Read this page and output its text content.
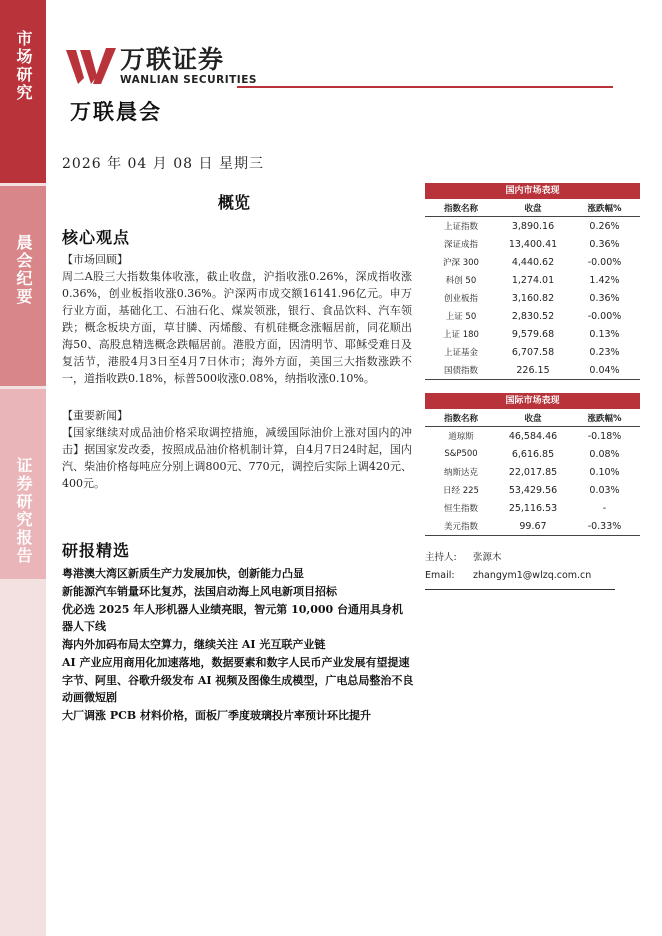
市场研究
晨会纪要
证券研究报告
万联证券
WANLIAN SECURITIES
万联晨会
2026 年 04 月 08 日 星期三
概览
核心观点
【市场回顾】
周二A股三大指数集体收涨，截止收盘，沪指收涨0.26%，深成指收涨0.36%，创业板指收涨0.36%。沪深两市成交额16141.96亿元。申万行业方面，基础化工、石油石化、煤炭领涨，银行、食品饮料、汽车领跌；概念板块方面，草甘膦、丙烯酸、有机硅概念涨幅居前，同花顺出海50、高股息精选概念跌幅居前。港股方面，因清明节、耶稣受难日及复活节，港股4月3日至4月7日休市；海外方面，美国三大指数涨跌不一，道指收跌0.18%，标普500收涨0.08%，纳指收涨0.10%。
【重要新闻】
【国家继续对成品油价格采取调控措施，减缓国际油价上涨对国内的冲击】据国家发改委，按照成品油价格机制计算，自4月7日24时起，国内汽、柴油价格每吨应分别上调800元、770元，调控后实际上调420元、400元。
研报精选
粤港澳大湾区新质生产力发展加快，创新能力凸显
新能源汽车销量环比复苏，法国启动海上风电新项目招标
优必选 2025 年人形机器人业绩亮眼，智元第 10,000 台通用具身机器人下线
海内外加码布局太空算力，继续关注 AI 光互联产业链
AI 产业应用商用化加速落地，数据要素和数字人民币产业发展有望提速
字节、阿里、谷歌升级发布 AI 视频及图像生成模型，广电总局整治不良动画微短剧
大厂调涨 PCB 材料价格，面板厂季度玻璃投片率预计环比提升
国内市场表现
指数名称	收盘	涨跌幅%
上证指数	3,890.16	0.26%
深证成指	13,400.41	0.36%
沪深 300	4,440.62	-0.00%
科创 50	1,274.01	1.42%
创业板指	3,160.82	0.36%
上证 50	2,830.52	-0.00%
上证 180	9,579.68	0.13%
上证基金	6,707.58	0.23%
国债指数	226.15	0.04%
国际市场表现
指数名称	收盘	涨跌幅%
道琼斯	46,584.46	-0.18%
S&P500	6,616.85	0.08%
纳斯达克	22,017.85	0.10%
日经 225	53,429.56	0.03%
恒生指数	25,116.53	-
美元指数	99.67	-0.33%
主持人: 张源木
Email: zhangym1@wlzq.com.cn
